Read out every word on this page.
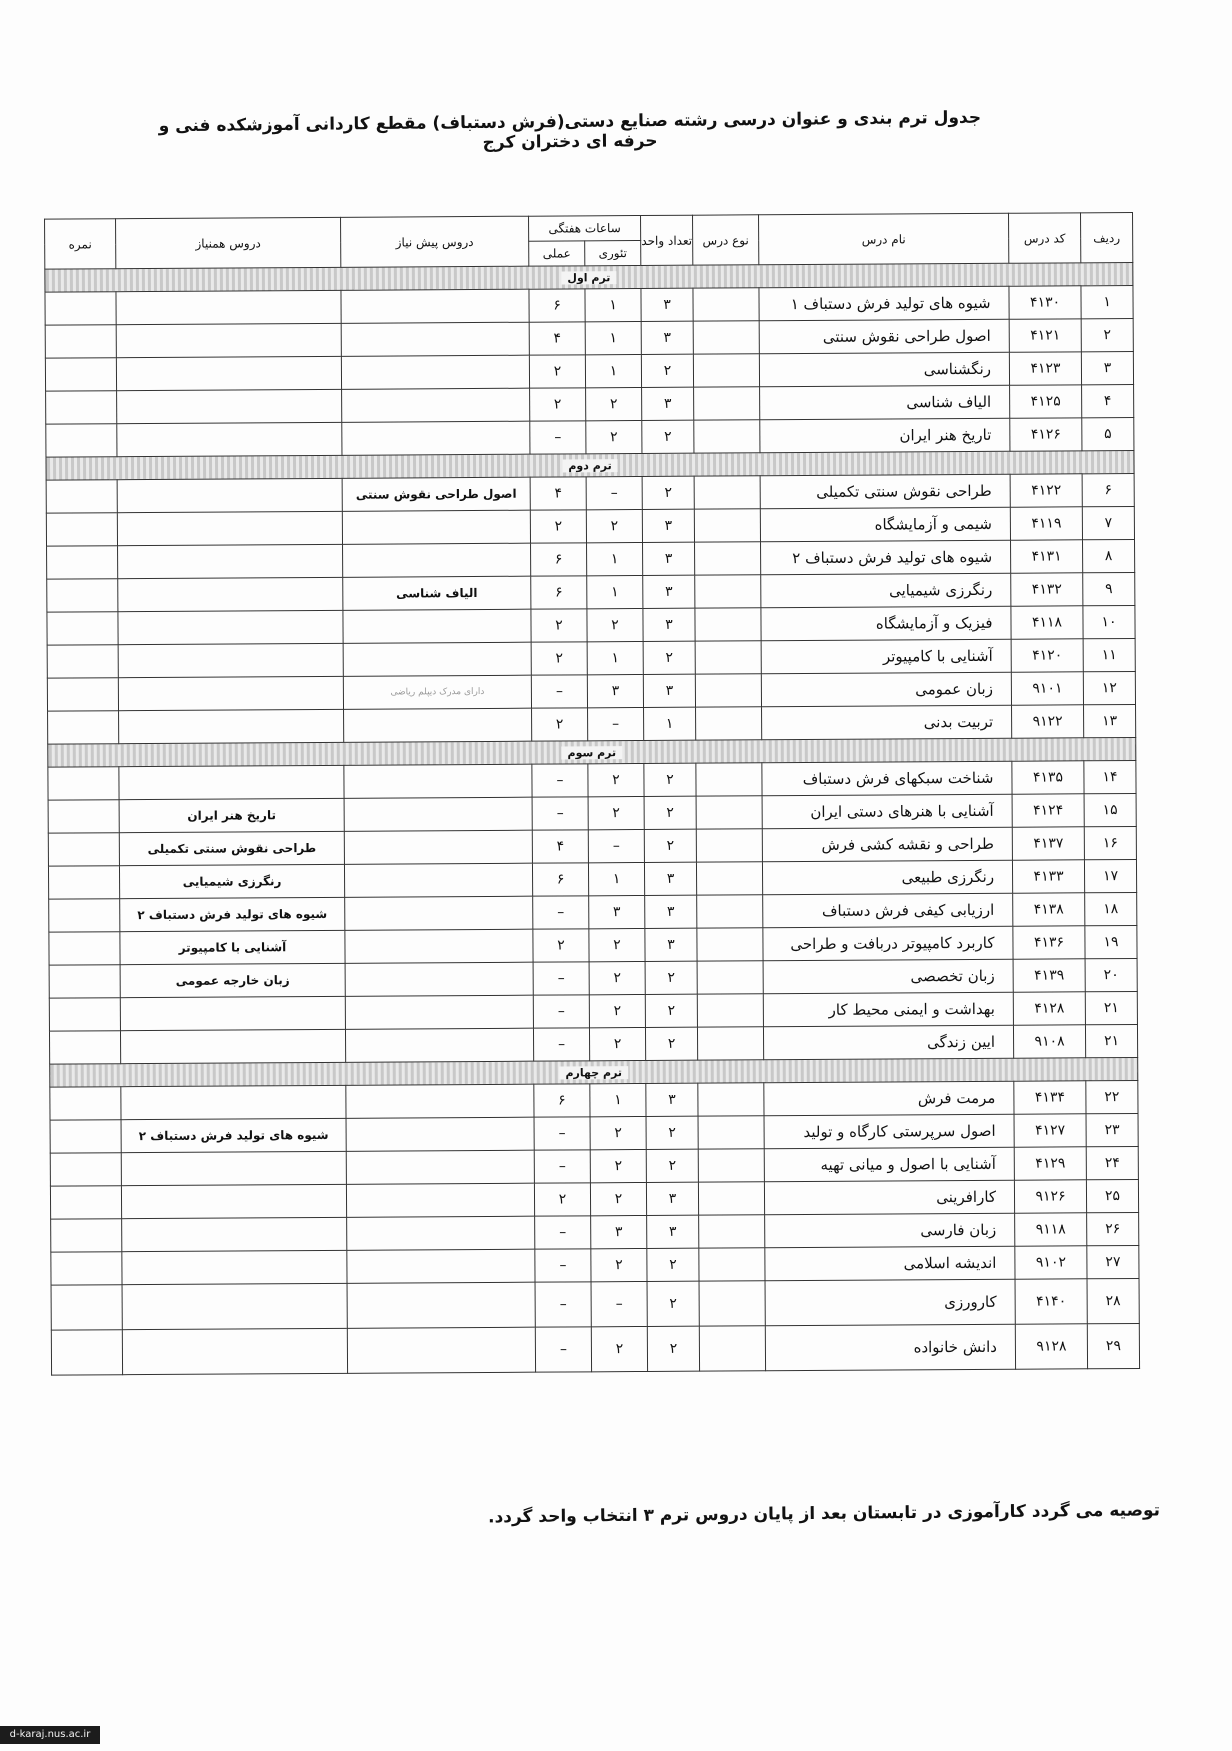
جدول ترم بندی و عنوان درسی رشته صنایع دستی(فرش دستباف) مقطع کاردانی آموزشکده فنی و حرفه ای دختران کرج
ردیف	کد درس	نام درس	نوع درس	تعداد واحد	ساعات هفتگی		دروس پیش نیاز	دروس همنیاز	نمره
					تئوری	عملی			
ترم اول									
۱	۴۱۳۰	شیوه های تولید فرش دستباف ۱		۳	۱	۶			
۲	۴۱۲۱	اصول طراحی نقوش سنتی		۳	۱	۴			
۳	۴۱۲۳	رنگشناسی		۲	۱	۲			
۴	۴۱۲۵	الیاف شناسی		۳	۲	۲			
۵	۴۱۲۶	تاریخ هنر ایران		۲	۲	–			
ترم دوم									
۶	۴۱۲۲	طراحی نقوش سنتی تکمیلی		۲	–	۴	اصول طراحی نقوش سنتی		
۷	۴۱۱۹	شیمی و آزمایشگاه		۳	۲	۲			
۸	۴۱۳۱	شیوه های تولید فرش دستباف ۲		۳	۱	۶			
۹	۴۱۳۲	رنگرزی شیمیایی		۳	۱	۶	الیاف شناسی		
۱۰	۴۱۱۸	فیزیک و آزمایشگاه		۳	۲	۲			
۱۱	۴۱۲۰	آشنایی با کامپیوتر		۲	۱	۲			
۱۲	۹۱۰۱	زبان عمومی		۳	۳	–	دارای مدرک دیپلم ریاضی		
۱۳	۹۱۲۲	تربیت بدنی		۱	–	۲			
ترم سوم									
۱۴	۴۱۳۵	شناخت سبکهای فرش دستباف		۲	۲	–			
۱۵	۴۱۲۴	آشنایی با هنرهای دستی ایران		۲	۲	–		تاریخ هنر ایران	
۱۶	۴۱۳۷	طراحی و نقشه کشی فرش		۲	–	۴		طراحی نقوش سنتی تکمیلی	
۱۷	۴۱۳۳	رنگرزی طبیعی		۳	۱	۶		رنگرزی شیمیایی	
۱۸	۴۱۳۸	ارزیابی کیفی فرش دستباف		۳	۳	–		شیوه های تولید فرش دستباف ۲	
۱۹	۴۱۳۶	کاربرد کامپیوتر دربافت و طراحی		۳	۲	۲		آشنایی با کامپیوتر	
۲۰	۴۱۳۹	زبان تخصصی		۲	۲	–		زبان خارجه عمومی	
۲۱	۴۱۲۸	بهداشت و ایمنی محیط کار		۲	۲	–			
۲۱	۹۱۰۸	ایین زندگی		۲	۲	–			
ترم چهارم									
۲۲	۴۱۳۴	مرمت فرش		۳	۱	۶			
۲۳	۴۱۲۷	اصول سرپرستی کارگاه و تولید		۲	۲	–		شیوه های تولید فرش دستباف ۲	
۲۴	۴۱۲۹	آشنایی با اصول و میانی تهیه		۲	۲	–			
۲۵	۹۱۲۶	کارافرینی		۳	۲	۲			
۲۶	۹۱۱۸	زبان فارسی		۳	۳	–			
۲۷	۹۱۰۲	اندیشه اسلامی		۲	۲	–			
۲۸	۴۱۴۰	کارورزی		۲	–	–			
۲۹	۹۱۲۸	دانش خانواده		۲	۲	–			
توصیه می گردد کارآموزی در تابستان بعد از پایان دروس ترم ۳ انتخاب واحد گردد.
d-karaj.nus.ac.ir
